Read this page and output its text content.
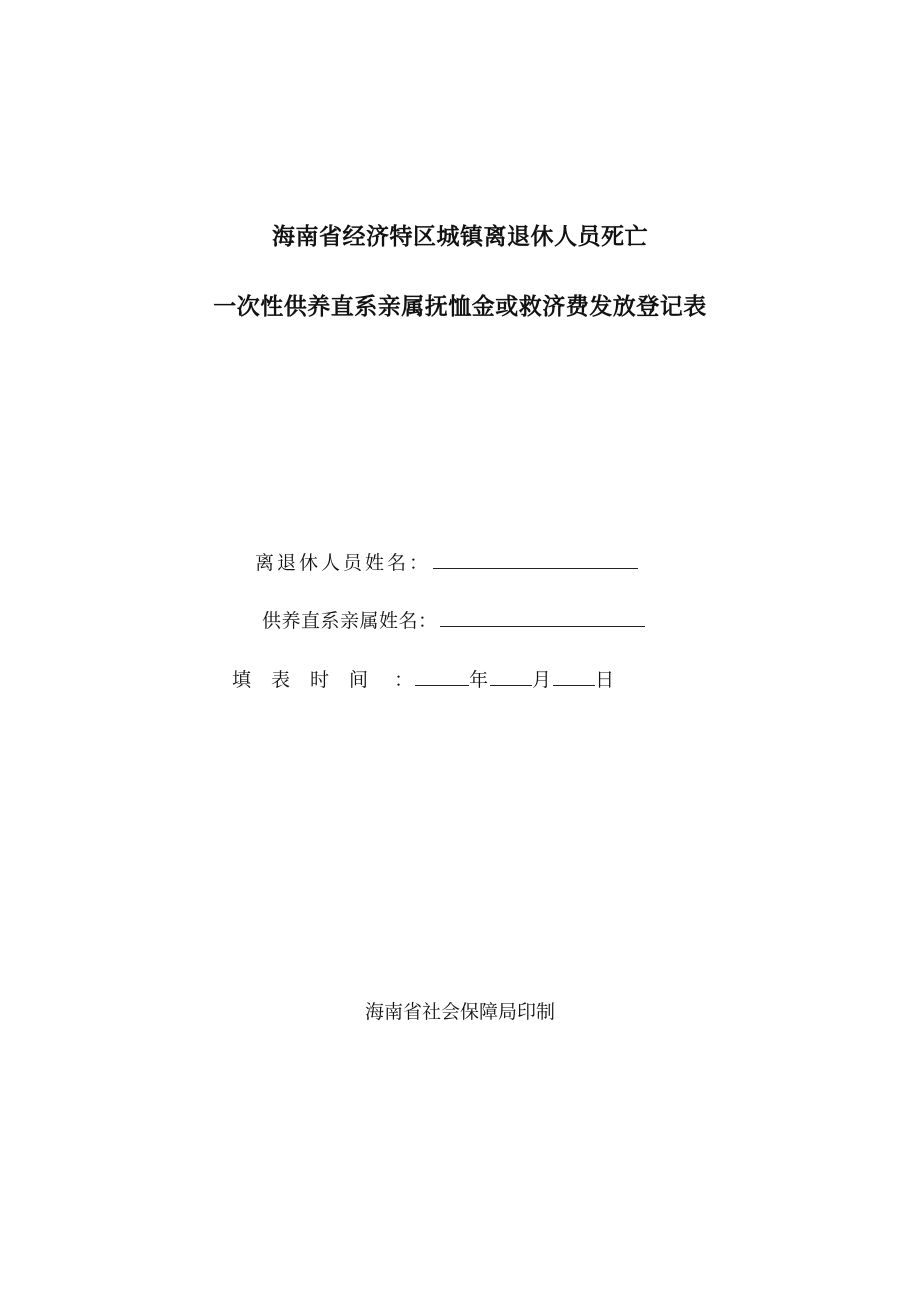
海南省经济特区城镇离退休人员死亡
一次性供养直系亲属抚恤金或救济费发放登记表
离退休人员姓名：
供养直系亲属姓名：
填 表 时 间 ：	年 月 日
海南省社会保障局印制
